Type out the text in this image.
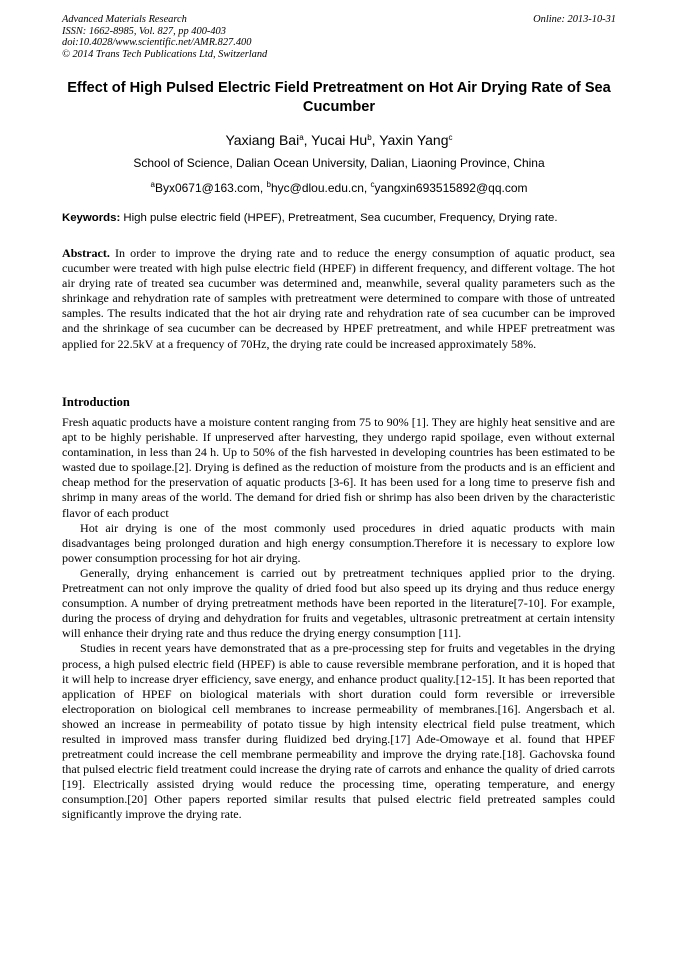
Advanced Materials Research
ISSN: 1662-8985, Vol. 827, pp 400-403
doi:10.4028/www.scientific.net/AMR.827.400
© 2014 Trans Tech Publications Ltd, Switzerland
Online: 2013-10-31
Effect of High Pulsed Electric Field Pretreatment on Hot Air Drying Rate of Sea Cucumber
Yaxiang Bai$^a$, Yucai Hu$^b$, Yaxin Yang$^c$
School of Science, Dalian Ocean University, Dalian, Liaoning Province, China
$^a$Byx0671@163.com, $^b$hyc@dlou.edu.cn, $^c$yangxin693515892@qq.com
Keywords: High pulse electric field (HPEF), Pretreatment, Sea cucumber, Frequency, Drying rate.
Abstract. In order to improve the drying rate and to reduce the energy consumption of aquatic product, sea cucumber were treated with high pulse electric field (HPEF) in different frequency, and different voltage. The hot air drying rate of treated sea cucumber was determined and, meanwhile, several quality parameters such as the shrinkage and rehydration rate of samples with pretreatment were determined to compare with those of untreated samples. The results indicated that the hot air drying rate and rehydration rate of sea cucumber can be improved and the shrinkage of sea cucumber can be decreased by HPEF pretreatment, and while HPEF pretreatment was applied for 22.5kV at a frequency of 70Hz, the drying rate could be increased approximately 58%.
Introduction

Fresh aquatic products have a moisture content ranging from 75 to 90% [1]. They are highly heat sensitive and are apt to be highly perishable. If unpreserved after harvesting, they undergo rapid spoilage, even without external contamination, in less than 24 h. Up to 50% of the fish harvested in developing countries has been estimated to be wasted due to spoilage.[2]. Drying is defined as the reduction of moisture from the products and is an efficient and cheap method for the preservation of aquatic products [3-6]. It has been used for a long time to preserve fish and shrimp in many areas of the world. The demand for dried fish or shrimp has also been driven by the characteristic flavor of each product

Hot air drying is one of the most commonly used procedures in dried aquatic products with main disadvantages being prolonged duration and high energy consumption.Therefore it is necessary to explore low power consumption processing for hot air drying.

Generally, drying enhancement is carried out by pretreatment techniques applied prior to the drying. Pretreatment can not only improve the quality of dried food but also speed up its drying and thus reduce energy consumption. A number of drying pretreatment methods have been reported in the literature[7-10]. For example, during the process of drying and dehydration for fruits and vegetables, ultrasonic pretreatment at certain intensity will enhance their drying rate and thus reduce the drying energy consumption [11].

Studies in recent years have demonstrated that as a pre-processing step for fruits and vegetables in the drying process, a high pulsed electric field (HPEF) is able to cause reversible membrane perforation, and it is hoped that it will help to increase dryer efficiency, save energy, and enhance product quality.[12-15]. It has been reported that application of HPEF on biological materials with short duration could form reversible or irreversible electroporation on biological cell membranes to increase permeability of membranes.[16]. Angersbach et al. showed an increase in permeability of potato tissue by high intensity electrical field pulse treatment, which resulted in improved mass transfer during fluidized bed drying.[17] Ade-Omowaye et al. found that HPEF pretreatment could increase the cell membrane permeability and improve the drying rate.[18]. Gachovska found that pulsed electric field treatment could increase the drying rate of carrots and enhance the quality of dried carrots [19]. Electrically assisted drying would reduce the processing time, operating temperature, and energy consumption.[20] Other papers reported similar results that pulsed electric field pretreated samples could significantly improve the drying rate.
